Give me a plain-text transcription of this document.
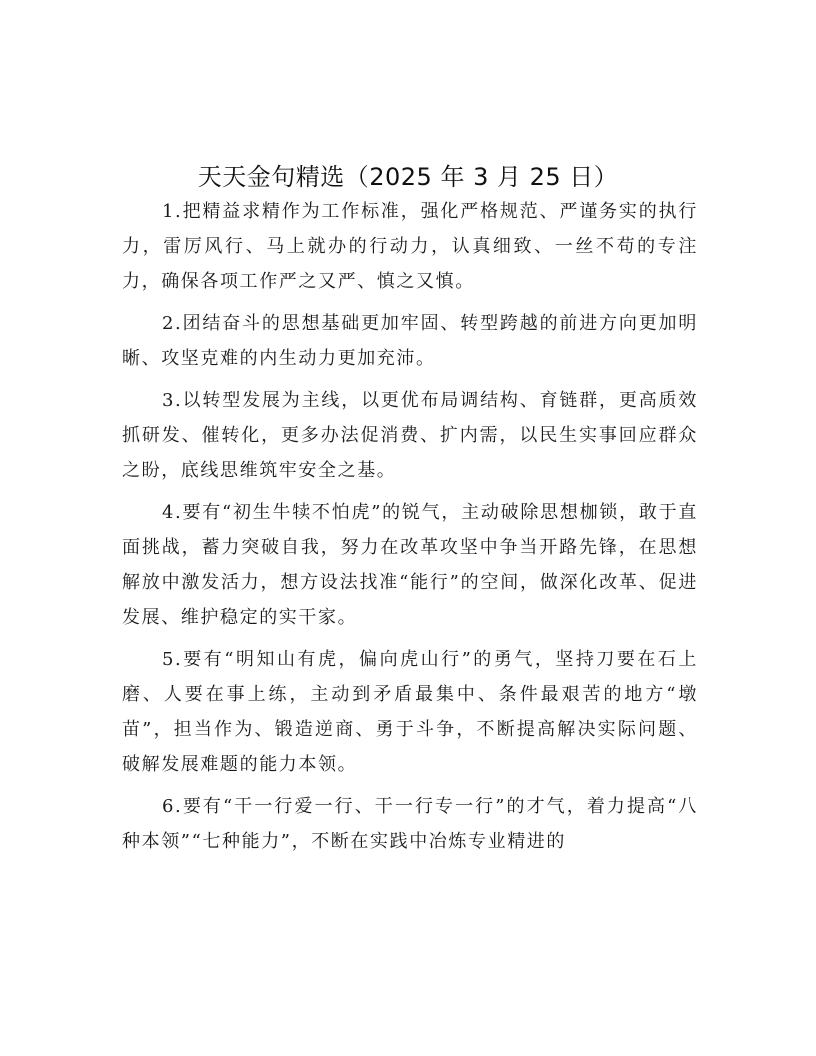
天天金句精选（2025 年 3 月 25 日）

1.把精益求精作为工作标准，强化严格规范、严谨务实的执行力，雷厉风行、马上就办的行动力，认真细致、一丝不苟的专注力，确保各项工作严之又严、慎之又慎。

2.团结奋斗的思想基础更加牢固、转型跨越的前进方向更加明晰、攻坚克难的内生动力更加充沛。

3.以转型发展为主线，以更优布局调结构、育链群，更高质效抓研发、催转化，更多办法促消费、扩内需，以民生实事回应群众之盼，底线思维筑牢安全之基。

4.要有“初生牛犊不怕虎”的锐气，主动破除思想枷锁，敢于直面挑战，蓄力突破自我，努力在改革攻坚中争当开路先锋，在思想解放中激发活力，想方设法找准“能行”的空间，做深化改革、促进发展、维护稳定的实干家。

5.要有“明知山有虎，偏向虎山行”的勇气，坚持刀要在石上磨、人要在事上练，主动到矛盾最集中、条件最艰苦的地方“墩苗”，担当作为、锻造逆商、勇于斗争，不断提高解决实际问题、破解发展难题的能力本领。

6.要有“干一行爱一行、干一行专一行”的才气，着力提高“八种本领”“七种能力”，不断在实践中冶炼专业精进的
